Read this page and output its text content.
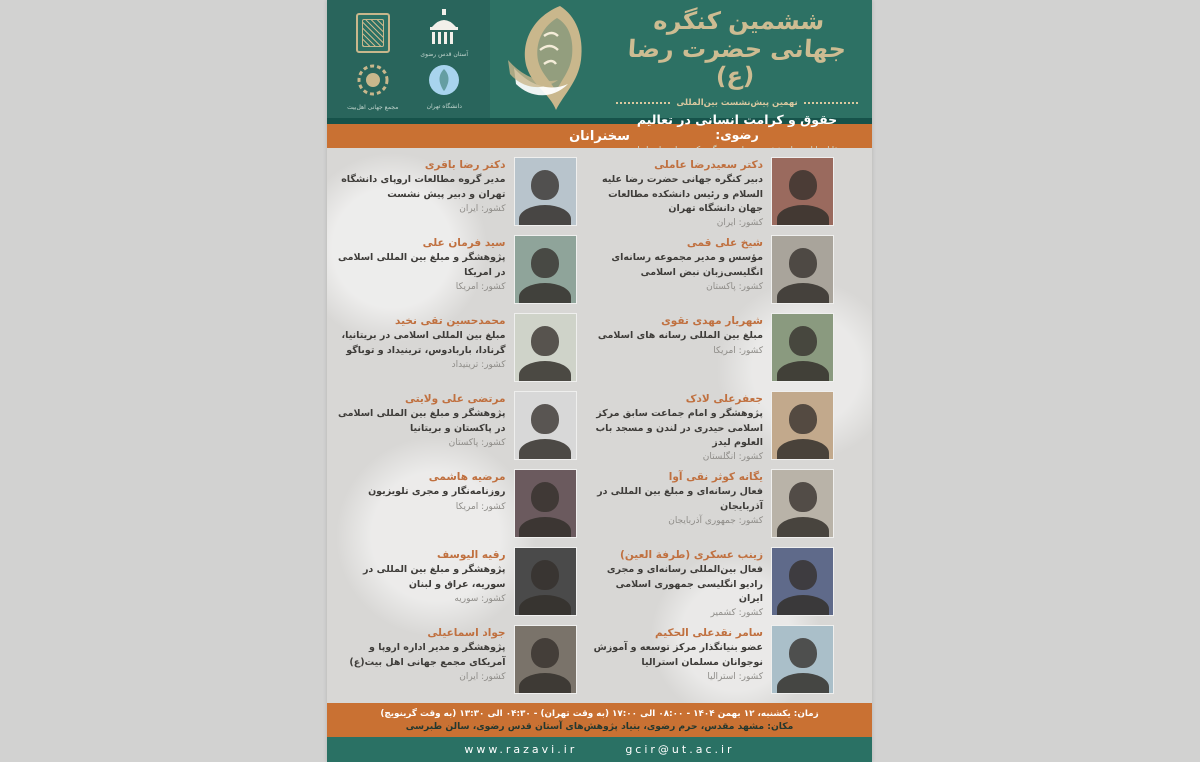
آستان قدس رضوی
مجمع جهانی اهل‌بیت	دانشگاه تهران
ششمین کنگره جهانی حضرت رضا (ع)
نهمین پیش‌نشست بین‌المللی
حقوق و کرامت انسانی در تعالیم رضوی:
سخنرانان
دکتر سعیدرضا عاملی
دبیر کنگره جهانی حضرت رضا علیه السلام و رئیس دانشکده مطالعات جهان دانشگاه تهران
کشور: ایران
شیخ علی قمی
مؤسس و مدیر مجموعه رسانه‌ای انگلیسی‌زبان نبض اسلامی
کشور: پاکستان
شهریار مهدی تقوی
مبلغ بین المللی رسانه های اسلامی
کشور: امریکا
جعفرعلی لادک
پژوهشگر و امام جماعت سابق مرکز اسلامی حیدری در لندن و مسجد باب العلوم لیدز
کشور: انگلستان
یگانه کوثر نقی آوا
فعال رسانه‌ای و مبلغ بین المللی در آذربایجان
کشور: جمهوری آذربایجان
زینب عسکری (طرفة العین)
فعال بین‌المللی رسانه‌ای و مجری رادیو انگلیسی جمهوری اسلامی ایران
کشور: کشمیر
سامر نقدعلی الحکیم
عضو بنیانگذار مرکز توسعه و آموزش نوجوانان مسلمان استرالیا
کشور: استرالیا
دکتر رضا باقری
مدیر گروه مطالعات اروپای دانشگاه تهران و دبیر پیش نشست
کشور: ایران
سید فرمان علی
پژوهشگر و مبلغ بین المللی اسلامی در امریکا
کشور: امریکا
محمدحسین تقی نخید
مبلغ بین المللی اسلامی در بریتانیا، گرنادا، باربادوس، ترینیداد و توباگو
کشور: ترینیداد
مرتضی علی ولایتی
پژوهشگر و مبلغ بین المللی اسلامی در پاکستان و بریتانیا
کشور: پاکستان
مرضیه هاشمی
روزنامه‌نگار و مجری تلویزیون
کشور: امریکا
رقیه الیوسف
پژوهشگر و مبلغ بین المللی در سوریه، عراق و لبنان
کشور: سوریه
جواد اسماعیلی
پژوهشگر و مدیر اداره اروپا و آمریکای مجمع جهانی اهل بیت(ع)
کشور: ایران
زمان: یکشنبه، ۱۲ بهمن ۱۴۰۴ - ۰۸:۰۰ الی ۱۷:۰۰ (به وقت تهران) - ۰۴:۳۰ الی ۱۳:۳۰ (به وقت گرینویچ)
مکان: مشهد مقدس، حرم رضوی، بنیاد پژوهش‌های آستان قدس رضوی، سالن طبرسی
www.razavi.ir	gcir@ut.ac.ir
